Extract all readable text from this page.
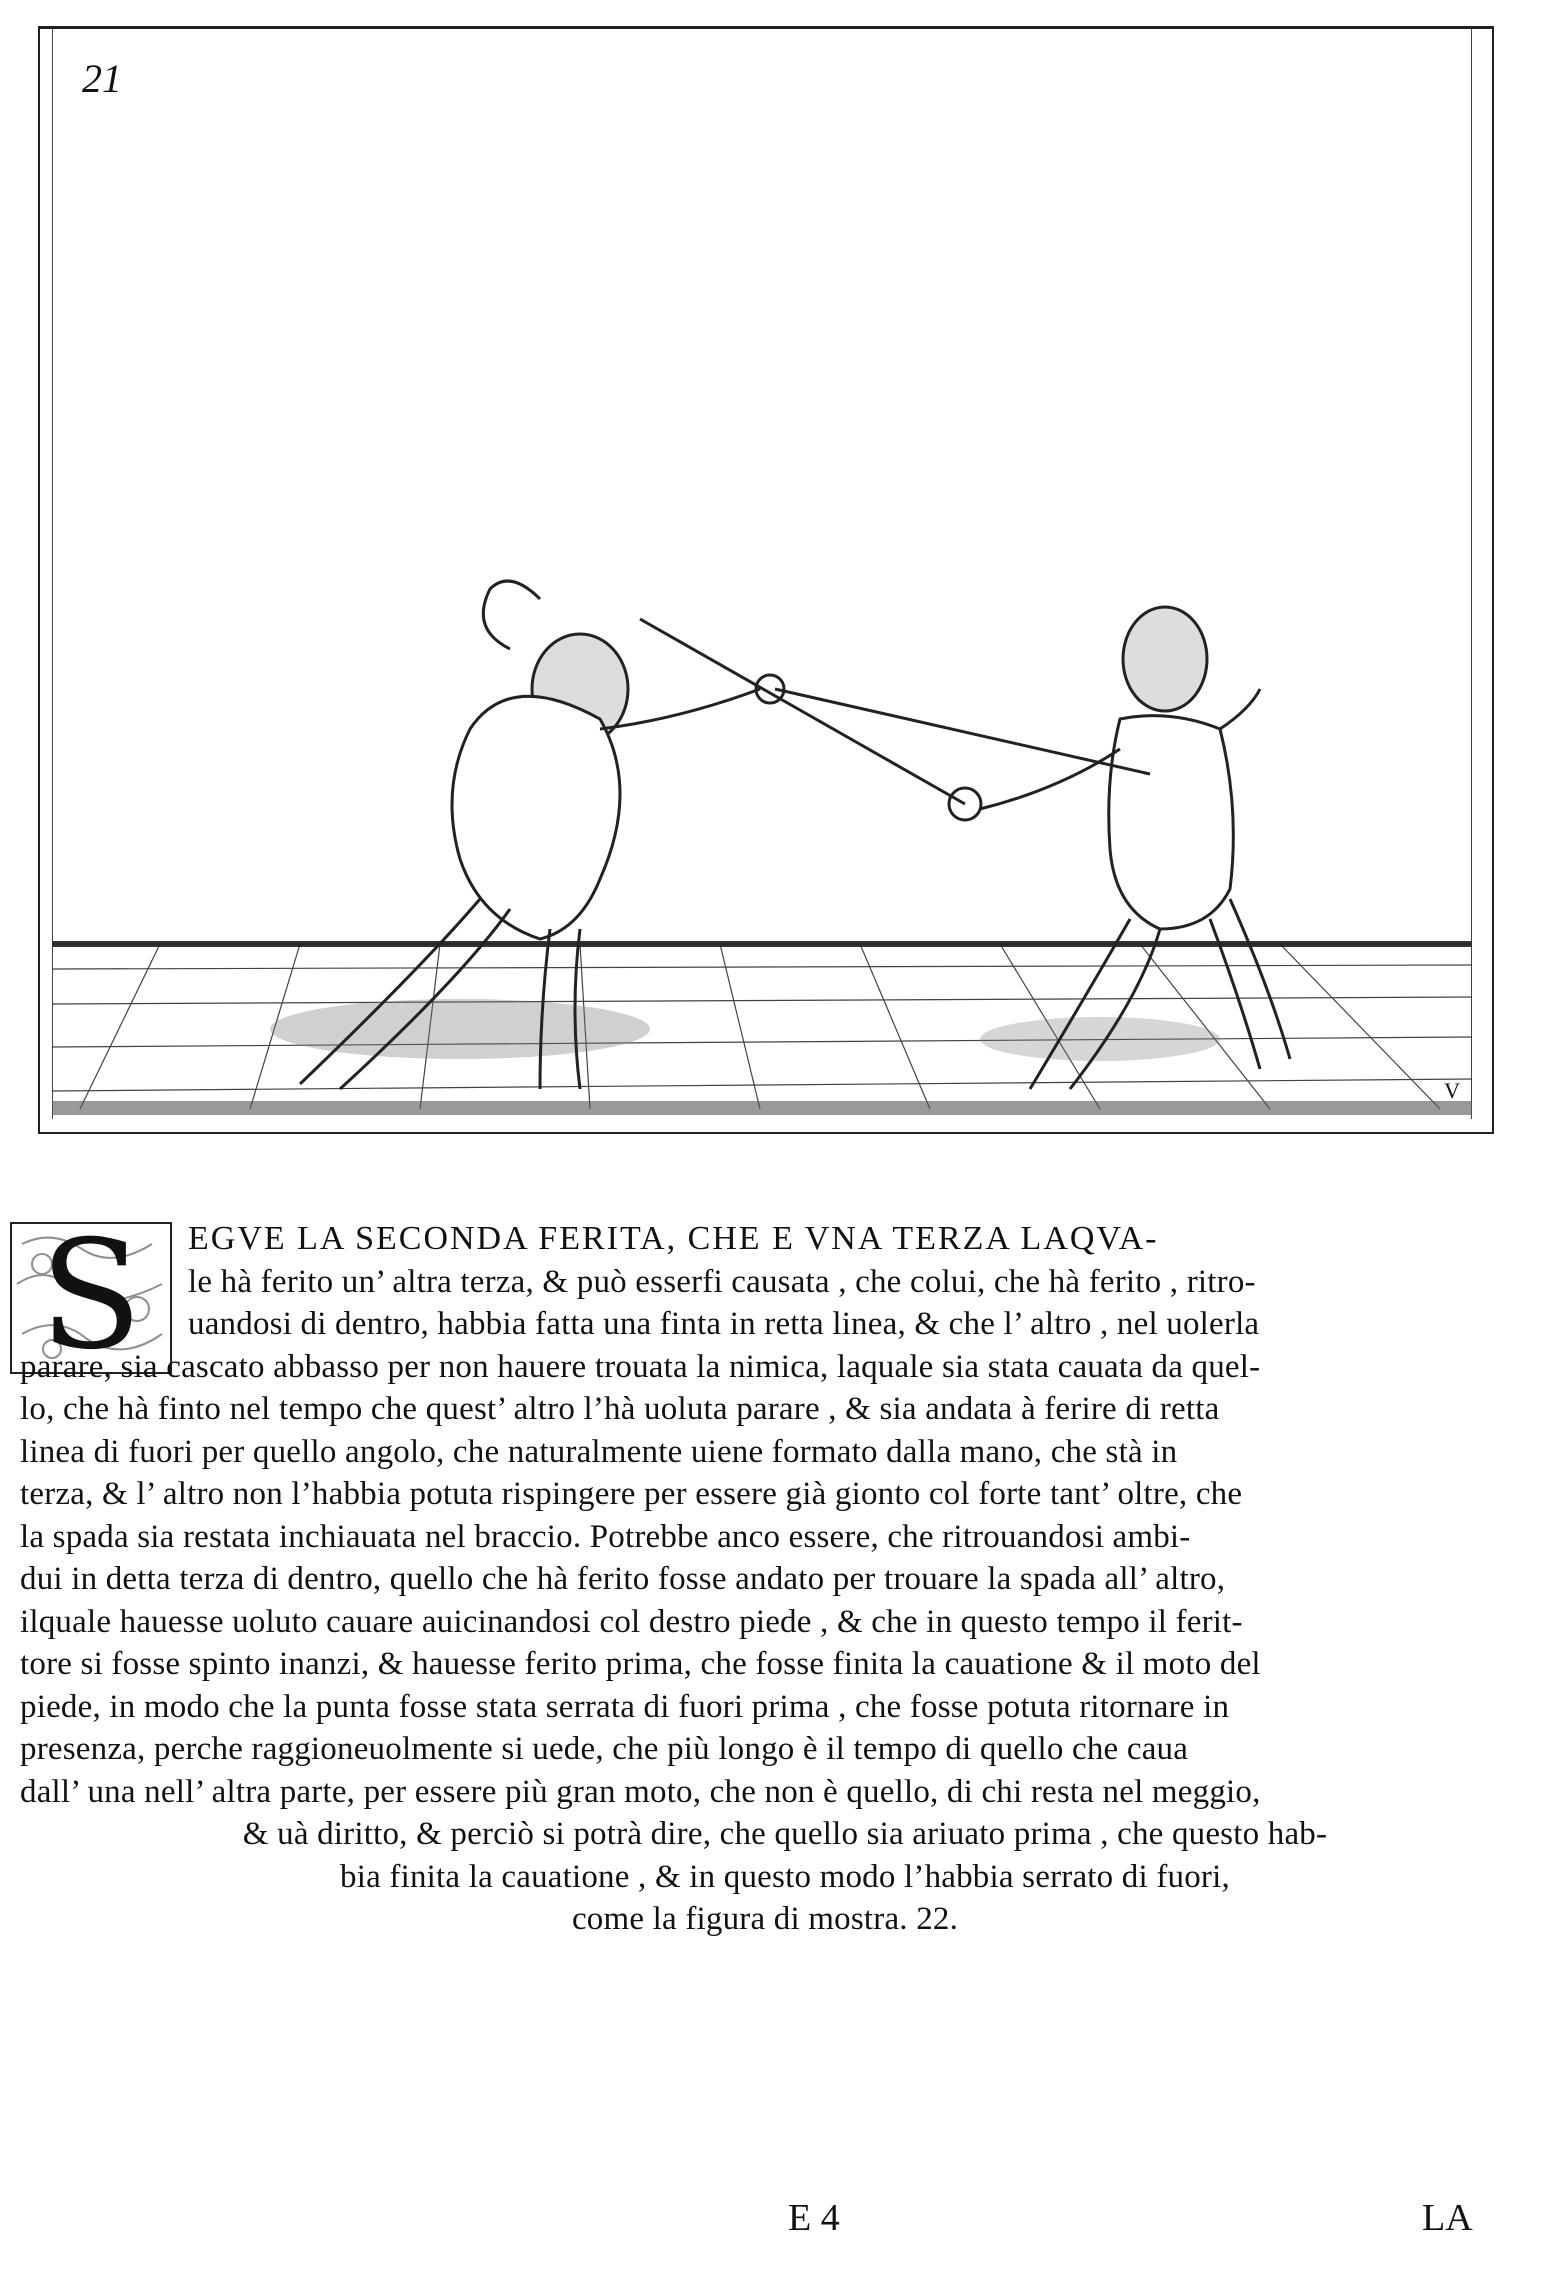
21
V
S	EGVE LA SECONDA FERITA, CHE E VNA TERZA LAQVA-
le hà ferito un’ altra terza, & può esserfi causata , che colui, che hà ferito , ritro-
uandosi di dentro, habbia fatta una finta in retta linea, & che l’ altro , nel uolerla
parare, sia cascato abbasso per non hauere trouata la nimica, laquale sia stata cauata da quel-
lo, che hà finto nel tempo che quest’ altro l’hà uoluta parare , & sia andata à ferire di retta
linea di fuori per quello angolo, che naturalmente uiene formato dalla mano, che stà in
terza, & l’ altro non l’habbia potuta rispingere per essere già gionto col forte tant’ oltre, che
la spada sia restata inchiauata nel braccio. Potrebbe anco essere, che ritrouandosi ambi-
dui in detta terza di dentro, quello che hà ferito fosse andato per trouare la spada all’ altro,
ilquale hauesse uoluto cauare auicinandosi col destro piede , & che in questo tempo il ferit-
tore si fosse spinto inanzi, & hauesse ferito prima, che fosse finita la cauatione & il moto del
piede, in modo che la punta fosse stata serrata di fuori prima , che fosse potuta ritornare in
presenza, perche raggioneuolmente si uede, che più longo è il tempo di quello che caua
dall’ una nell’ altra parte, per essere più gran moto, che non è quello, di chi resta nel meggio,
& uà diritto, & perciò si potrà dire, che quello sia ariuato prima , che questo hab-
bia finita la cauatione , & in questo modo l’habbia serrato di fuori,
come la figura di mostra. 22.
E 4	LA
